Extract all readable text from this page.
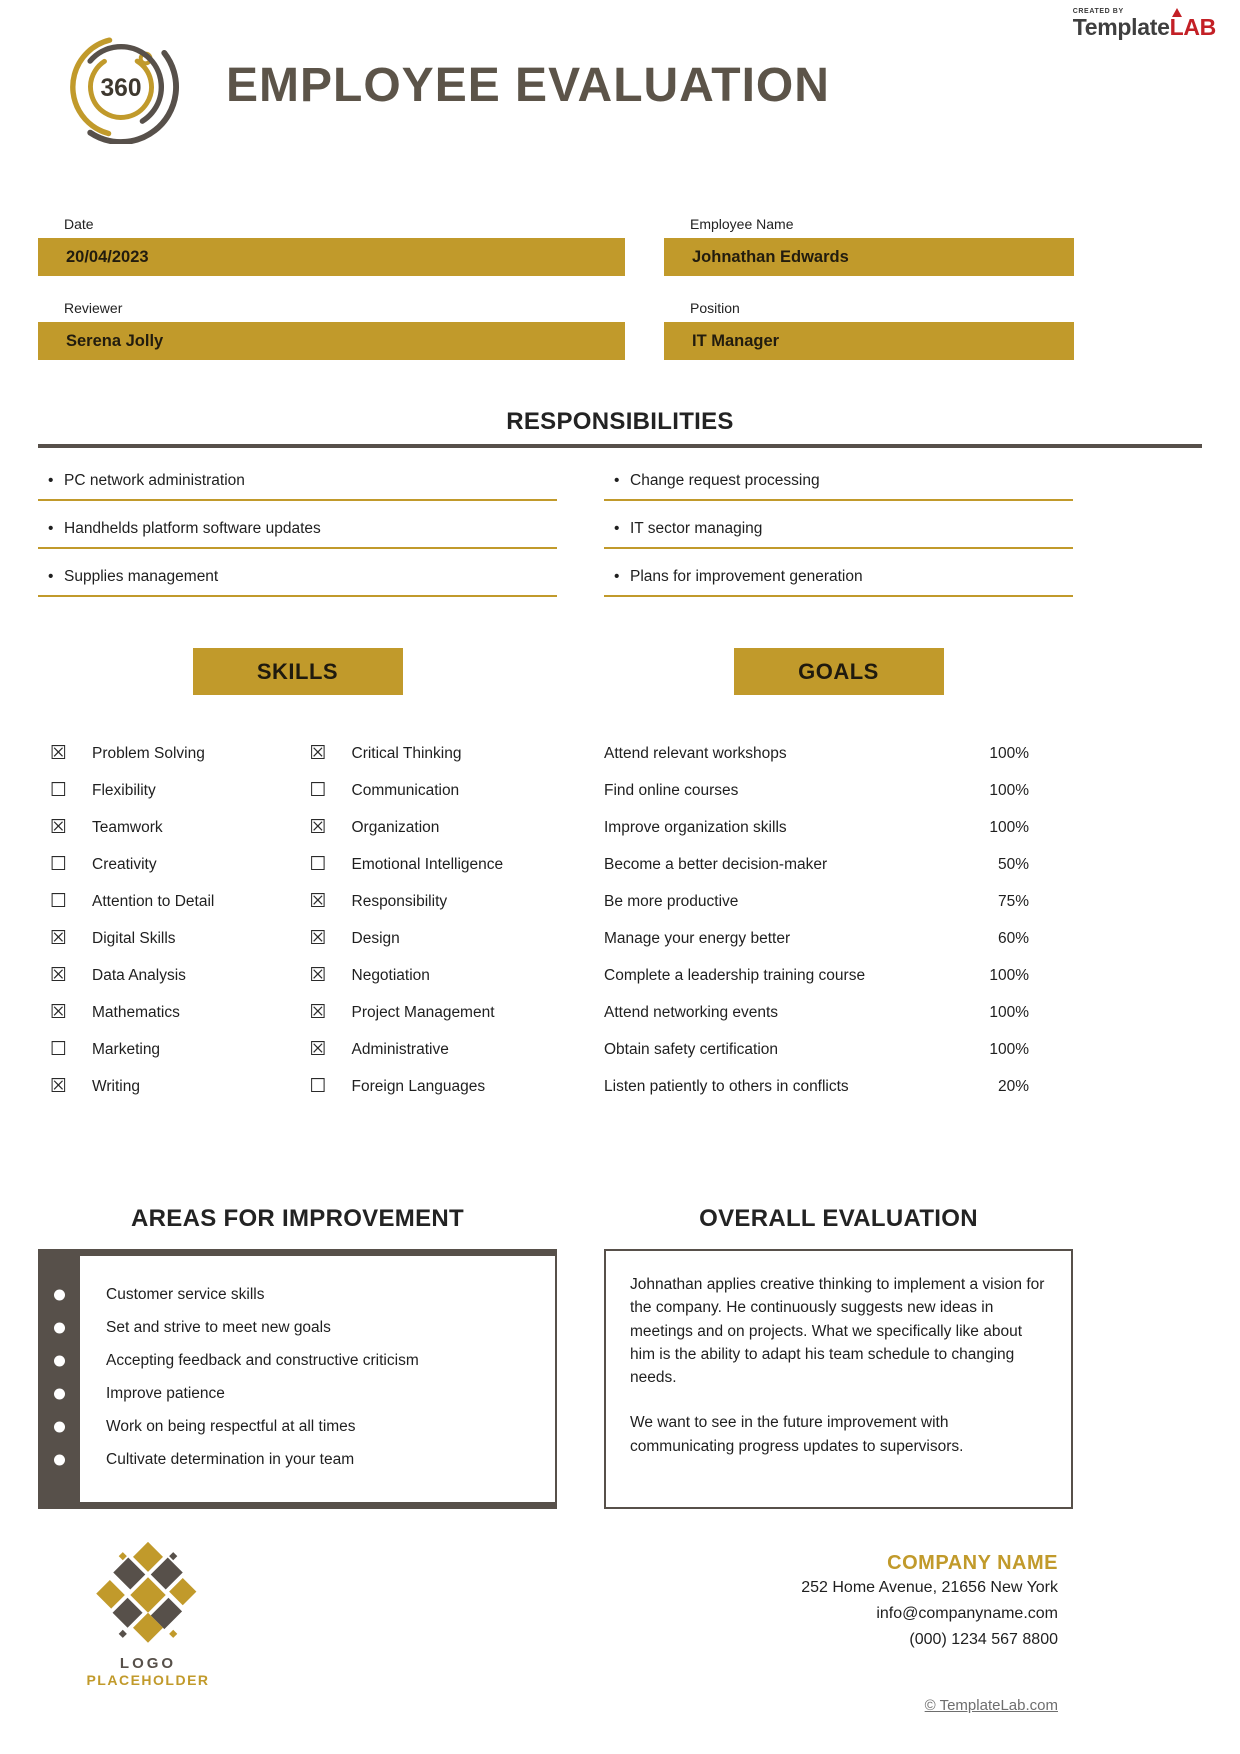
CREATED BY
TemplateLAB
360 EMPLOYEE EVALUATION
Date
20/04/2023
Employee Name
Johnathan Edwards
Reviewer
Serena Jolly
Position
IT Manager
RESPONSIBILITIES
• PC network administration
• Handhelds platform software updates
• Supplies management
• Change request processing
• IT sector managing
• Plans for improvement generation
SKILLS
☒	Problem Solving
☐	Flexibility
☒	Teamwork
☐	Creativity
☐	Attention to Detail
☒	Digital Skills
☒	Data Analysis
☒	Mathematics
☐	Marketing
☒	Writing
☒	Critical Thinking
☐	Communication
☒	Organization
☐	Emotional Intelligence
☒	Responsibility
☒	Design
☒	Negotiation
☒	Project Management
☒	Administrative
☐	Foreign Languages
GOALS
Attend relevant workshops	100%
Find online courses	100%
Improve organization skills	100%
Become a better decision-maker	50%
Be more productive	75%
Manage your energy better	60%
Complete a leadership training course	100%
Attend networking events	100%
Obtain safety certification	100%
Listen patiently to others in conflicts	20%
AREAS FOR IMPROVEMENT
Customer service skills
Set and strive to meet new goals
Accepting feedback and constructive criticism
Improve patience
Work on being respectful at all times
Cultivate determination in your team
OVERALL EVALUATION

Johnathan applies creative thinking to implement a vision for the company. He continuously suggests new ideas in meetings and on projects. What we specifically like about him is the ability to adapt his team schedule to changing needs.

We want to see in the future improvement with communicating progress updates to supervisors.

LOGO
PLACEHOLDER
COMPANY NAME
252 Home Avenue, 21656 New York
info@companyname.com
(000) 1234 567 8800
© TemplateLab.com
